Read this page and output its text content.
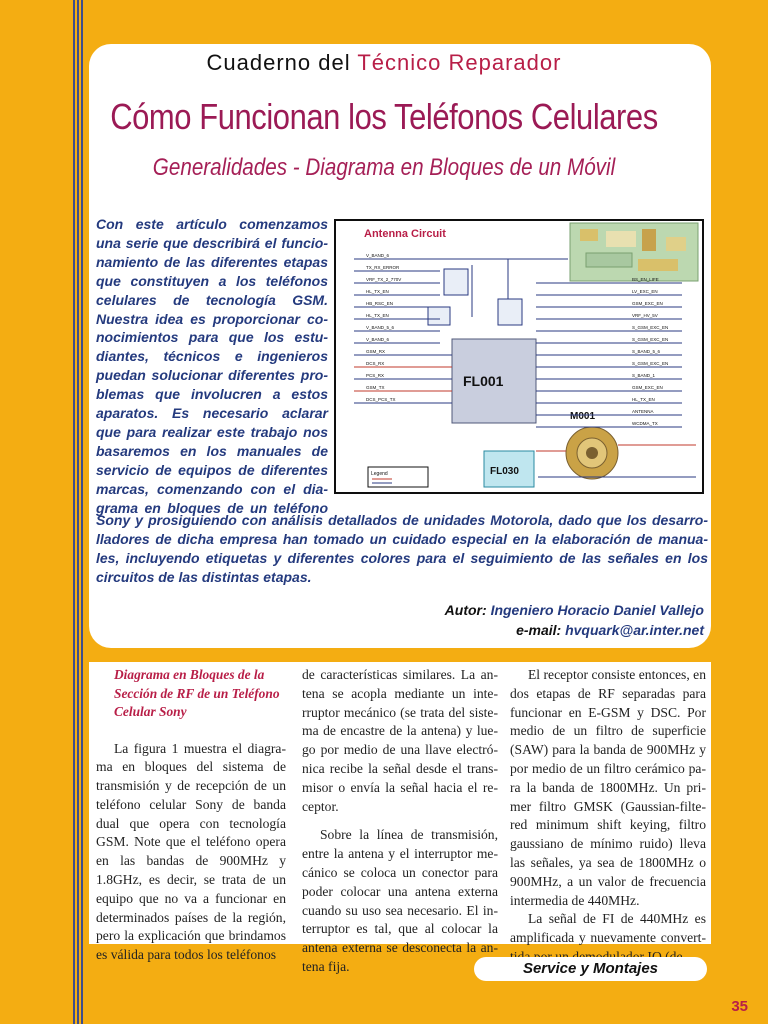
Cuaderno del Técnico Reparador
Cómo Funcionan los Teléfonos Celulares
Generalidades - Diagrama en Bloques de un Móvil
Con este artículo comenzamos
una serie que describirá el funcio-
namiento de las diferentes etapas
que constituyen a los teléfonos
celulares de tecnología GSM.
Nuestra idea es proporcionar co-
nocimientos para que los estu-
diantes, técnicos e ingenieros
puedan solucionar diferentes pro-
blemas que involucren a estos
aparatos. Es necesario aclarar
que para realizar este trabajo nos
basaremos en los manuales de
servicio de equipos de diferentes
marcas, comenzando con el dia-
grama en bloques de un teléfono
Antenna Circuit
FL001
M001
FL030
Legend
V_BAND_6
TX_RX_ERROR
VRF_TX_2_770V
HL_TX_EN
HB_RSC_EN
HL_TX_EN
V_BAND_5_6
V_BAND_6
GSM_RX
DCS_RX
PCS_RX
GSM_TX
DCS_PCS_TX
BS_EN_LIFE
LV_EXC_EN
GSM_EXC_EN
VRF_HV_5V
S_GSM_EXC_EN
S_GSM_EXC_EN
S_BAND_5_6
S_GSM_EXC_EN
S_BAND_1
GSM_EXC_EN
HL_TX_EN
ANTENNA
WCDMA_TX
Sony y prosiguiendo con análisis detallados de unidades Motorola, dado que los desarro-lladores de dicha empresa han tomado un cuidado especial en la elaboración de manua-les, incluyendo etiquetas y diferentes colores para el seguimiento de las señales en los circuitos de las distintas etapas.
Autor: Ingeniero Horacio Daniel Vallejo
e-mail: hvquark@ar.inter.net
Diagrama en Bloques de la Sección de RF de un Teléfono Celular Sony

La figura 1 muestra el diagra-ma en bloques del sistema de transmisión y de recepción de un teléfono celular Sony de banda dual que opera con tecnología GSM. Note que el teléfono opera en las bandas de 900MHz y 1.8GHz, es decir, se trata de un equipo que no va a funcionar en determinados países de la región, pero la explicación que brindamos es válida para todos los teléfonos

de características similares. La an-tena se acopla mediante un inte-rruptor mecánico (se trata del siste-ma de encastre de la antena) y lue-go por medio de una llave electró-nica recibe la señal desde el trans-misor o envía la señal hacia el re-ceptor.

Sobre la línea de transmisión, entre la antena y el interruptor me-cánico se coloca un conector para poder colocar una antena externa cuando su uso sea necesario. El in-terruptor es tal, que al colocar la antena externa se desconecta la an-tena fija.

El receptor consiste entonces, en dos etapas de RF separadas para funcionar en E-GSM y DSC. Por medio de un filtro de superficie (SAW) para la banda de 900MHz y por medio de un filtro cerámico pa-ra la banda de 1800MHz. Un pri-mer filtro GMSK (Gaussian-filte-red minimum shift keying, filtro gaussiano de mínimo ruido) lleva las señales, ya sea de 1800MHz o 900MHz, a un valor de frecuencia intermedia de 440MHz.

La señal de FI de 440MHz es amplificada y nuevamente convert-

Service y Montajes
35
